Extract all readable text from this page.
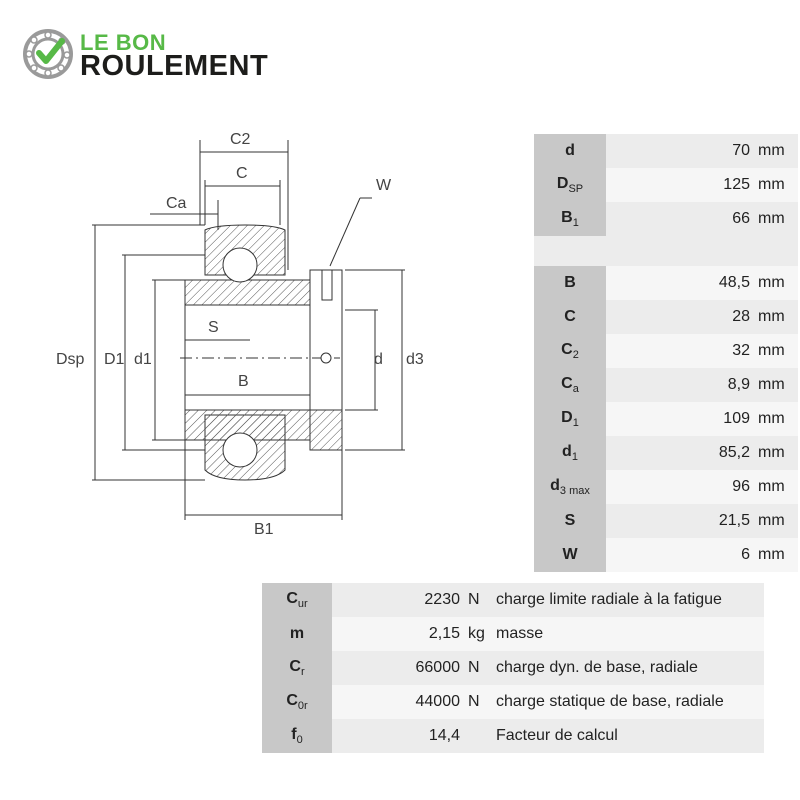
LE BON
ROULEMENT
C2
C
Ca
W
Dsp D1 d1
S
B
d d3
B1
d	70	mm
$D_{SP}$	125	mm
$B_1$	66	mm

B	48,5	mm
C	28	mm
$C_2$	32	mm
$C_a$	8,9	mm
$D_1$	109	mm
$d_1$	85,2	mm
$d_{3 max}$	96	mm
S	21,5	mm
W	6	mm
$C_{ur}$	2230	N	charge limite radiale à la fatigue
m	2,15	kg	masse
$C_r$	66000	N	charge dyn. de base, radiale
$C_{0r}$	44000	N	charge statique de base, radiale
$f_0$	14,4		Facteur de calcul
